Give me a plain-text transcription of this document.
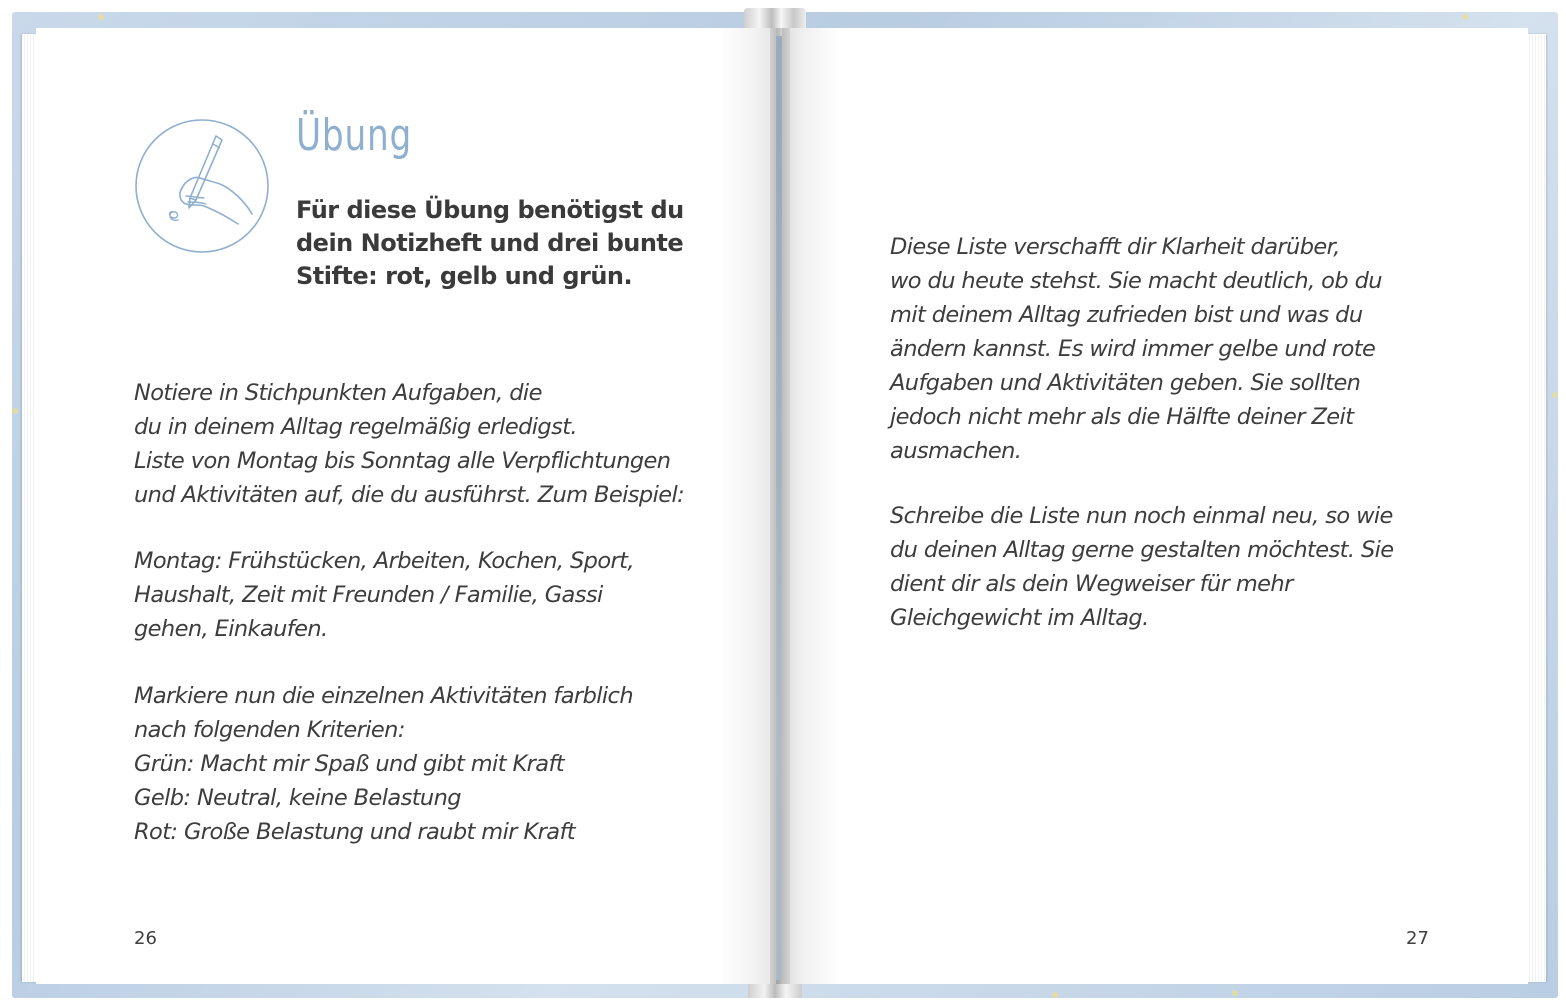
Übung

Für diese Übung benötigst du
dein Notizheft und drei bunte
Stifte: rot, gelb und grün.

Notiere in Stichpunkten Aufgaben, die
du in deinem Alltag regelmäßig erledigst.
Liste von Montag bis Sonntag alle Verpflichtungen
und Aktivitäten auf, die du ausführst. Zum Beispiel:

Montag: Frühstücken, Arbeiten, Kochen, Sport,
Haushalt, Zeit mit Freunden / Familie, Gassi
gehen, Einkaufen.

Markiere nun die einzelnen Aktivitäten farblich
nach folgenden Kriterien:
Grün: Macht mir Spaß und gibt mit Kraft
Gelb: Neutral, keine Belastung
Rot: Große Belastung und raubt mir Kraft

26

Diese Liste verschafft dir Klarheit darüber,
wo du heute stehst. Sie macht deutlich, ob du
mit deinem Alltag zufrieden bist und was du
ändern kannst. Es wird immer gelbe und rote
Aufgaben und Aktivitäten geben. Sie sollten
jedoch nicht mehr als die Hälfte deiner Zeit
ausmachen.

Schreibe die Liste nun noch einmal neu, so wie
du deinen Alltag gerne gestalten möchtest. Sie
dient dir als dein Wegweiser für mehr
Gleichgewicht im Alltag.

27
